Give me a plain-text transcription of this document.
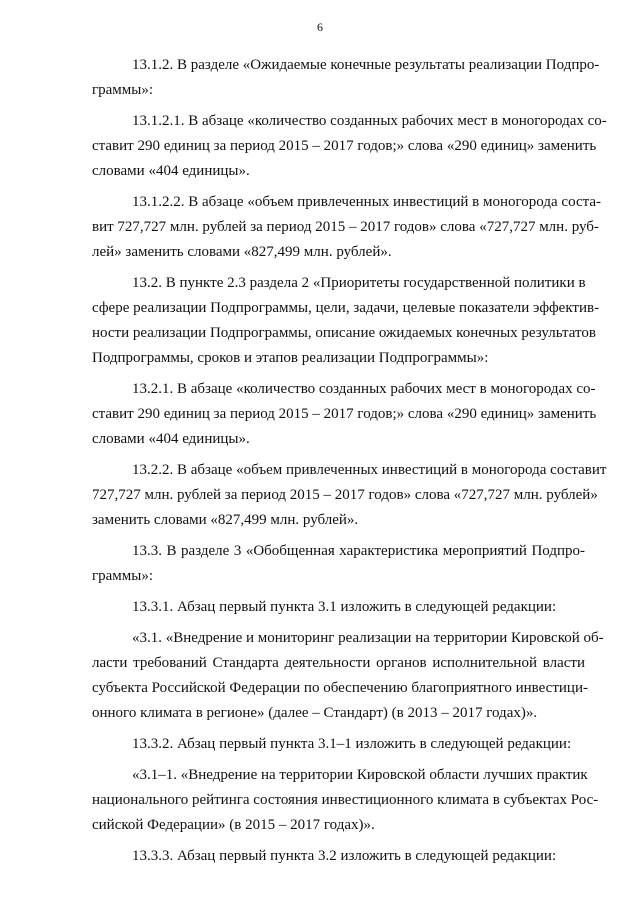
6
13.1.2. В разделе «Ожидаемые конечные результаты реализации Подпро-
граммы»:
13.1.2.1. В абзаце «количество созданных рабочих мест в моногородах со-
ставит 290 единиц за период 2015 – 2017 годов;» слова «290 единиц» заменить
словами «404 единицы».
13.1.2.2. В абзаце «объем привлеченных инвестиций в моногорода соста-
вит 727,727 млн. рублей за период 2015 – 2017 годов» слова «727,727 млн. руб-
лей» заменить словами «827,499 млн. рублей».
13.2. В пункте 2.3 раздела 2 «Приоритеты государственной политики в
сфере реализации Подпрограммы, цели, задачи, целевые показатели эффектив-
ности реализации Подпрограммы, описание ожидаемых конечных результатов
Подпрограммы, сроков и этапов реализации Подпрограммы»:
13.2.1. В абзаце «количество созданных рабочих мест в моногородах со-
ставит 290 единиц за период 2015 – 2017 годов;» слова «290 единиц» заменить
словами «404 единицы».
13.2.2. В абзаце «объем привлеченных инвестиций в моногорода составит
727,727 млн. рублей за период 2015 – 2017 годов» слова «727,727 млн. рублей»
заменить словами «827,499 млн. рублей».
13.3. В разделе 3 «Обобщенная характеристика мероприятий Подпро-
граммы»:
13.3.1. Абзац первый пункта 3.1 изложить в следующей редакции:
«3.1. «Внедрение и мониторинг реализации на территории Кировской об-
ласти требований Стандарта деятельности органов исполнительной власти
субъекта Российской Федерации по обеспечению благоприятного инвестици-
онного климата в регионе» (далее – Стандарт) (в 2013 – 2017 годах)».
13.3.2. Абзац первый пункта 3.1–1 изложить в следующей редакции:
«3.1–1. «Внедрение на территории Кировской области лучших практик
национального рейтинга состояния инвестиционного климата в субъектах Рос-
сийской Федерации» (в 2015 – 2017 годах)».
13.3.3. Абзац первый пункта 3.2 изложить в следующей редакции:
